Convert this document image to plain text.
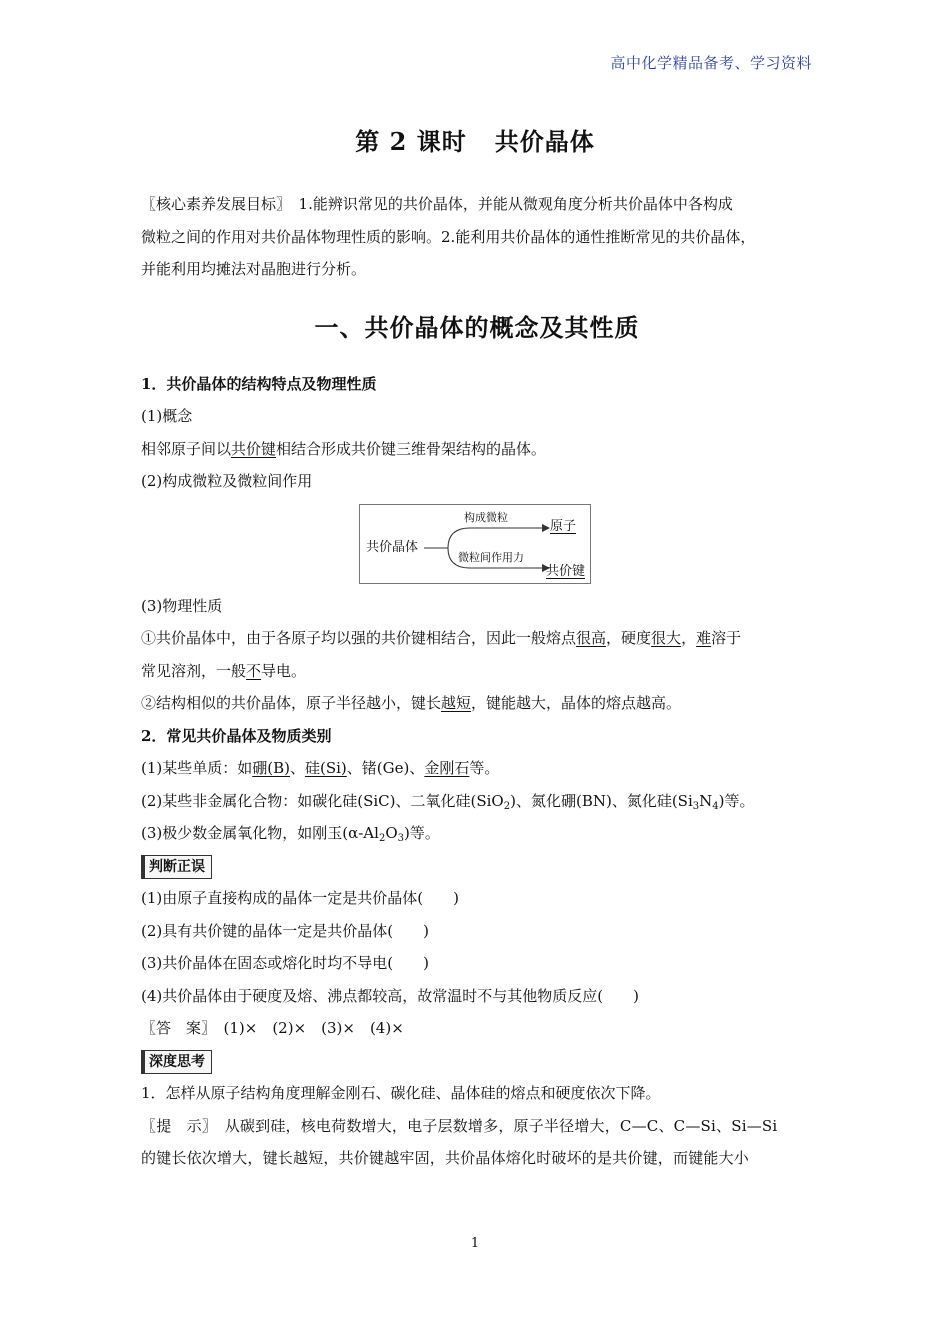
高中化学精品备考、学习资料
第 2 课时 共价晶体

〖核心素养发展目标〗　 1.能辨识常见的共价晶体，并能从微观角度分析共价晶体中各构成
微粒之间的作用对共价晶体物理性质的影响。2.能利用共价晶体的通性推断常见的共价晶体，
并能利用均摊法对晶胞进行分析。

一、共价晶体的概念及其性质

1．共价晶体的结构特点及物理性质

(1)概念

相邻原子间以共价键相结合形成共价键三维骨架结构的晶体。

(2)构成微粒及微粒间作用

共价晶体
构成微粒
原子
微粒间作用力
共价键

(3)物理性质

①共价晶体中，由于各原子均以强的共价键相结合，因此一般熔点很高，硬度很大，难溶于
常见溶剂，一般不导电。

②结构相似的共价晶体，原子半径越小，键长越短，键能越大，晶体的熔点越高。

2．常见共价晶体及物质类别

(1)某些单质：如硼(B)、硅(Si)、锗(Ge)、金刚石等。

(2)某些非金属化合物：如碳化硅(SiC)、二氧化硅(SiO$_2$)、氮化硼(BN)、氮化硅$(Si_3N_4)$等。

(3)极少数金属氧化物，如刚玉$(\alpha-Al_2O_3)$等。

判断正误

(1)由原子直接构成的晶体一定是共价晶体(　　)

(2)具有共价键的晶体一定是共价晶体(　　)

(3)共价晶体在固态或熔化时均不导电(　　)

(4)共价晶体由于硬度及熔、沸点都较高，故常温时不与其他物质反应(　　)

〖答　案〗　(1)×　(2)×　(3)×　(4)×

深度思考

1．怎样从原子结构角度理解金刚石、碳化硅、晶体硅的熔点和硬度依次下降。

〖提　示〗　从碳到硅，核电荷数增大，电子层数增多，原子半径增大，C—C、C—Si、Si—Si
的键长依次增大，键长越短，共价键越牢固，共价晶体熔化时破坏的是共价键，而键能大小

1
